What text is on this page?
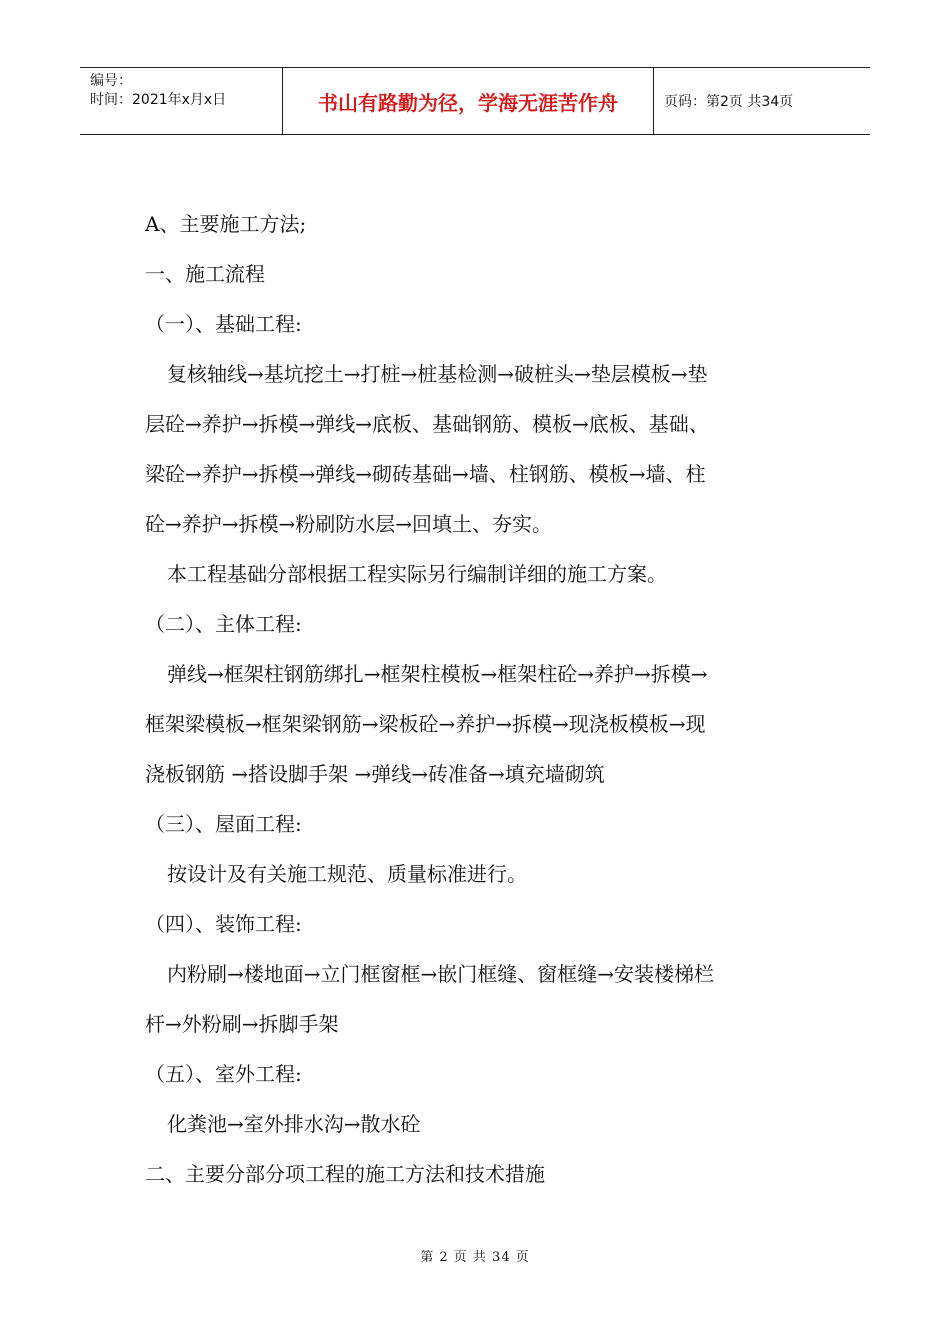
编号：
时间：2021年x月x日	书山有路勤为径，学海无涯苦作舟	页码：第2页 共34页
A、主要施工方法;
一、施工流程
（一）、基础工程:
复核轴线→基坑挖土→打桩→桩基检测→破桩头→垫层模板→垫
层砼→养护→拆模→弹线→底板、基础钢筋、模板→底板、基础、
梁砼→养护→拆模→弹线→砌砖基础→墙、柱钢筋、模板→墙、柱
砼→养护→拆模→粉刷防水层→回填土、夯实。
本工程基础分部根据工程实际另行编制详细的施工方案。
（二）、主体工程:
弹线→框架柱钢筋绑扎→框架柱模板→框架柱砼→养护→拆模→
框架梁模板→框架梁钢筋→梁板砼→养护→拆模→现浇板模板→现
浇板钢筋 →搭设脚手架 →弹线→砖准备→填充墙砌筑
（三）、屋面工程:
按设计及有关施工规范、质量标准进行。
（四）、装饰工程:
内粉刷→楼地面→立门框窗框→嵌门框缝、窗框缝→安装楼梯栏
杆→外粉刷→拆脚手架
（五）、室外工程:
化粪池→室外排水沟→散水砼
二、主要分部分项工程的施工方法和技术措施
第 2 页 共 34 页
